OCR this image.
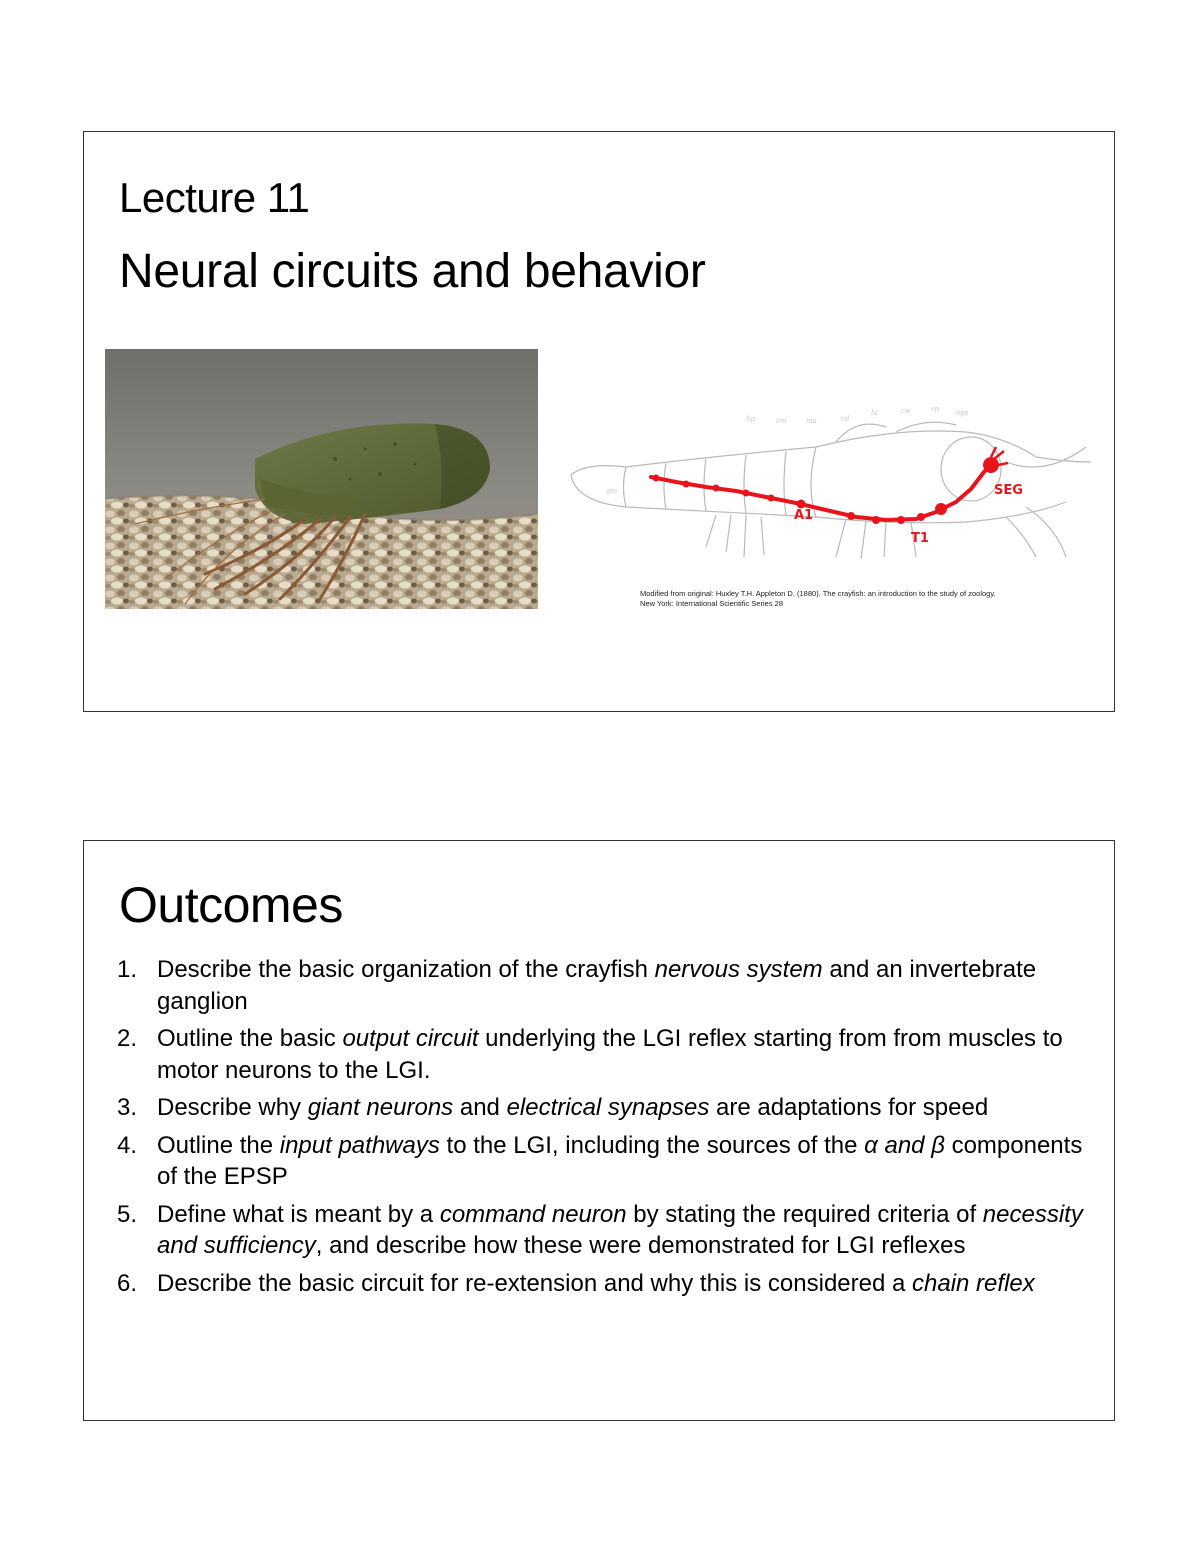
Lecture 11
Neural circuits and behavior
hp	cm	ma	cd
la	cw	sp ops
gm	SEG
A1
T1
Modified from original: Huxley T.H. Appleton D. (1880). The crayfish: an introduction to the study of zoology.
New York: International Scientific Series 28
Outcomes
1. Describe the basic organization of the crayfish nervous system and an invertebrate ganglion
2. Outline the basic output circuit underlying the LGI reflex starting from from muscles to motor neurons to the LGI.
3. Describe why giant neurons and electrical synapses are adaptations for speed
4. Outline the input pathways to the LGI, including the sources of the α and β components of the EPSP
5. Define what is meant by a command neuron by stating the required criteria of necessity and sufficiency, and describe how these were demonstrated for LGI reflexes
6. Describe the basic circuit for re-extension and why this is considered a chain reflex
